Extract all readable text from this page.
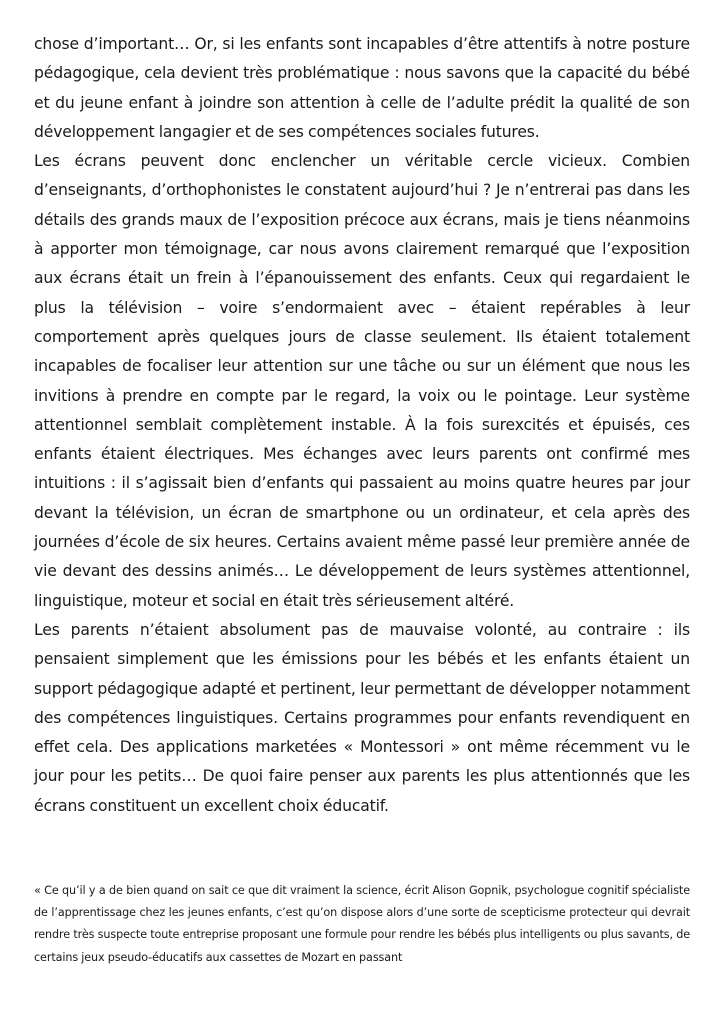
chose d’important… Or, si les enfants sont incapables d’être attentifs à notre posture pédagogique, cela devient très problématique : nous savons que la capacité du bébé et du jeune enfant à joindre son attention à celle de l’adulte prédit la qualité de son développement langagier et de ses compétences sociales futures.

Les écrans peuvent donc enclencher un véritable cercle vicieux. Combien d’enseignants, d’orthophonistes le constatent aujourd’hui ? Je n’entrerai pas dans les détails des grands maux de l’exposition précoce aux écrans, mais je tiens néanmoins à apporter mon témoignage, car nous avons clairement remarqué que l’exposition aux écrans était un frein à l’épanouissement des enfants. Ceux qui regardaient le plus la télévision – voire s’endormaient avec – étaient repérables à leur comportement après quelques jours de classe seulement. Ils étaient totalement incapables de focaliser leur attention sur une tâche ou sur un élément que nous les invitions à prendre en compte par le regard, la voix ou le pointage. Leur système attentionnel semblait complètement instable. À la fois surexcités et épuisés, ces enfants étaient électriques. Mes échanges avec leurs parents ont confirmé mes intuitions : il s’agissait bien d’enfants qui passaient au moins quatre heures par jour devant la télévision, un écran de smartphone ou un ordinateur, et cela après des journées d’école de six heures. Certains avaient même passé leur première année de vie devant des dessins animés… Le développement de leurs systèmes attentionnel, linguistique, moteur et social en était très sérieusement altéré.

Les parents n’étaient absolument pas de mauvaise volonté, au contraire : ils pensaient simplement que les émissions pour les bébés et les enfants étaient un support pédagogique adapté et pertinent, leur permettant de développer notamment des compétences linguistiques. Certains programmes pour enfants revendiquent en effet cela. Des applications marketées « Montessori » ont même récemment vu le jour pour les petits… De quoi faire penser aux parents les plus attentionnés que les écrans constituent un excellent choix éducatif.

« Ce qu’il y a de bien quand on sait ce que dit vraiment la science, écrit Alison Gopnik, psychologue cognitif spécialiste de l’apprentissage chez les jeunes enfants, c’est qu’on dispose alors d’une sorte de scepticisme protecteur qui devrait rendre très suspecte toute entreprise proposant une formule pour rendre les bébés plus intelligents ou plus savants, de certains jeux pseudo-éducatifs aux cassettes de Mozart en passant
